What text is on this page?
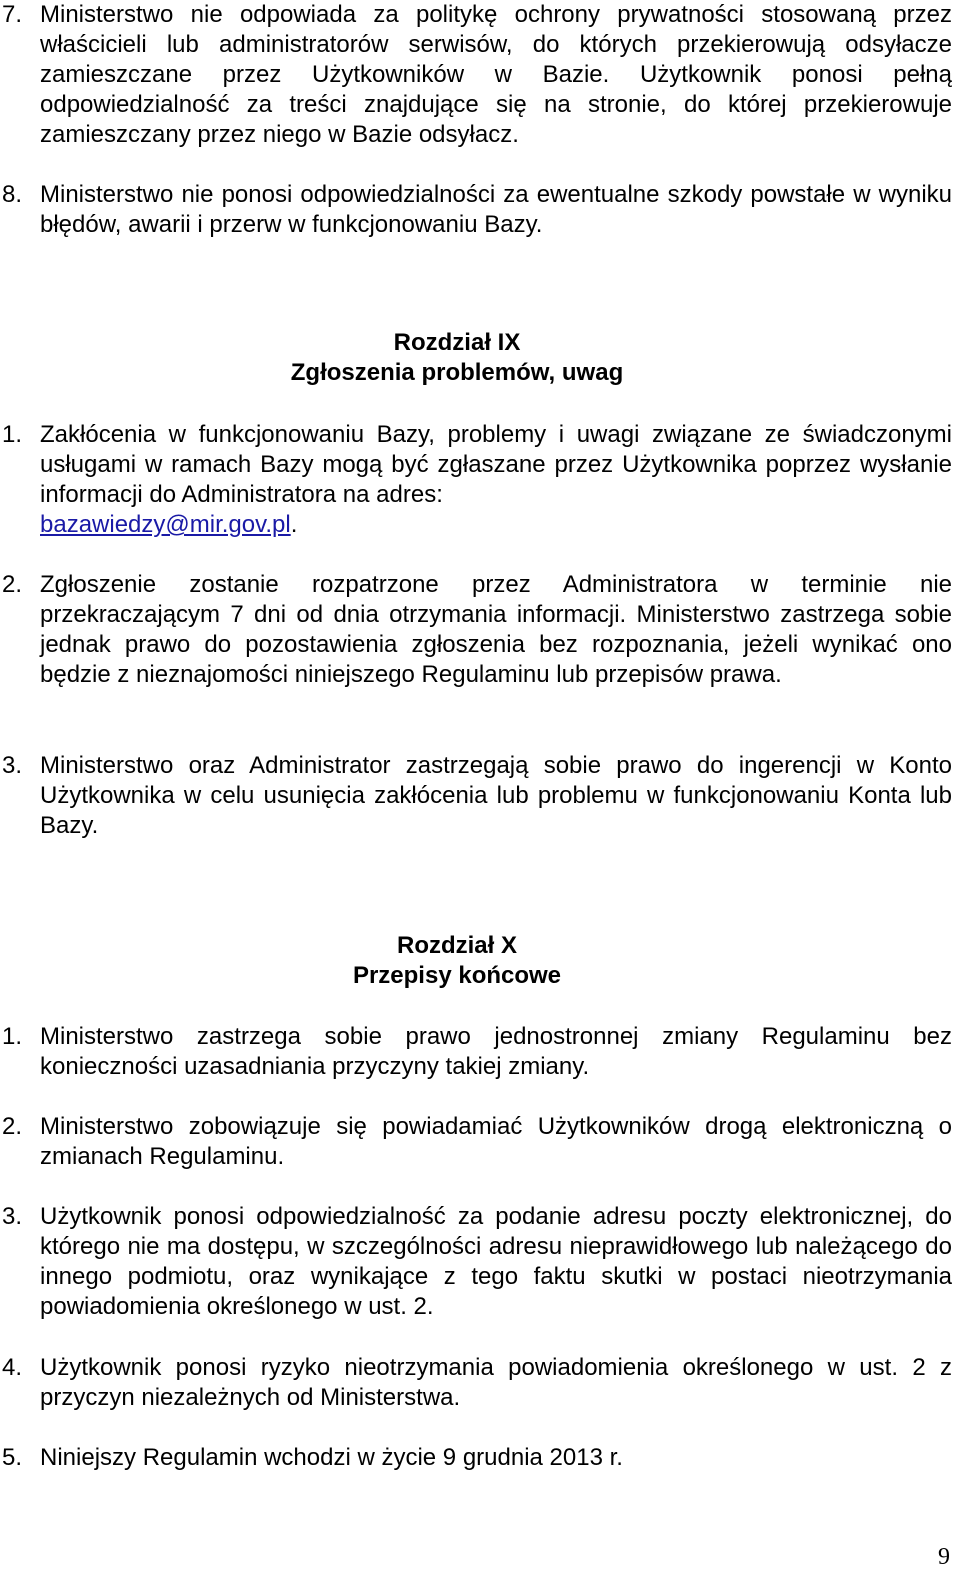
7. Ministerstwo nie odpowiada za politykę ochrony prywatności stosowaną przez właścicieli lub administratorów serwisów, do których przekierowują odsyłacze zamieszczane przez Użytkowników w Bazie. Użytkownik ponosi pełną odpowiedzialność za treści znajdujące się na stronie, do której przekierowuje zamieszczany przez niego w Bazie odsyłacz.
8. Ministerstwo nie ponosi odpowiedzialności za ewentualne szkody powstałe w wyniku błędów, awarii i przerw w funkcjonowaniu Bazy.
Rozdział IX
Zgłoszenia problemów, uwag
1. Zakłócenia w funkcjonowaniu Bazy, problemy i uwagi związane ze świadczonymi usługami w ramach Bazy mogą być zgłaszane przez Użytkownika poprzez wysłanie informacji do Administratora na adres:
bazawiedzy@mir.gov.pl.
2. Zgłoszenie zostanie rozpatrzone przez Administratora w terminie nie przekraczającym 7 dni od dnia otrzymania informacji. Ministerstwo zastrzega sobie jednak prawo do pozostawienia zgłoszenia bez rozpoznania, jeżeli wynikać ono będzie z nieznajomości niniejszego Regulaminu lub przepisów prawa.
3. Ministerstwo oraz Administrator zastrzegają sobie prawo do ingerencji w Konto Użytkownika w celu usunięcia zakłócenia lub problemu w funkcjonowaniu Konta lub Bazy.
Rozdział X
Przepisy końcowe
1. Ministerstwo zastrzega sobie prawo jednostronnej zmiany Regulaminu bez konieczności uzasadniania przyczyny takiej zmiany.
2. Ministerstwo zobowiązuje się powiadamiać Użytkowników drogą elektroniczną o zmianach Regulaminu.
3. Użytkownik ponosi odpowiedzialność za podanie adresu poczty elektronicznej, do którego nie ma dostępu, w szczególności adresu nieprawidłowego lub należącego do innego podmiotu, oraz wynikające z tego faktu skutki w postaci nieotrzymania powiadomienia określonego w ust. 2.
4. Użytkownik ponosi ryzyko nieotrzymania powiadomienia określonego w ust. 2 z przyczyn niezależnych od Ministerstwa.
5. Niniejszy Regulamin wchodzi w życie 9 grudnia 2013 r.
9
